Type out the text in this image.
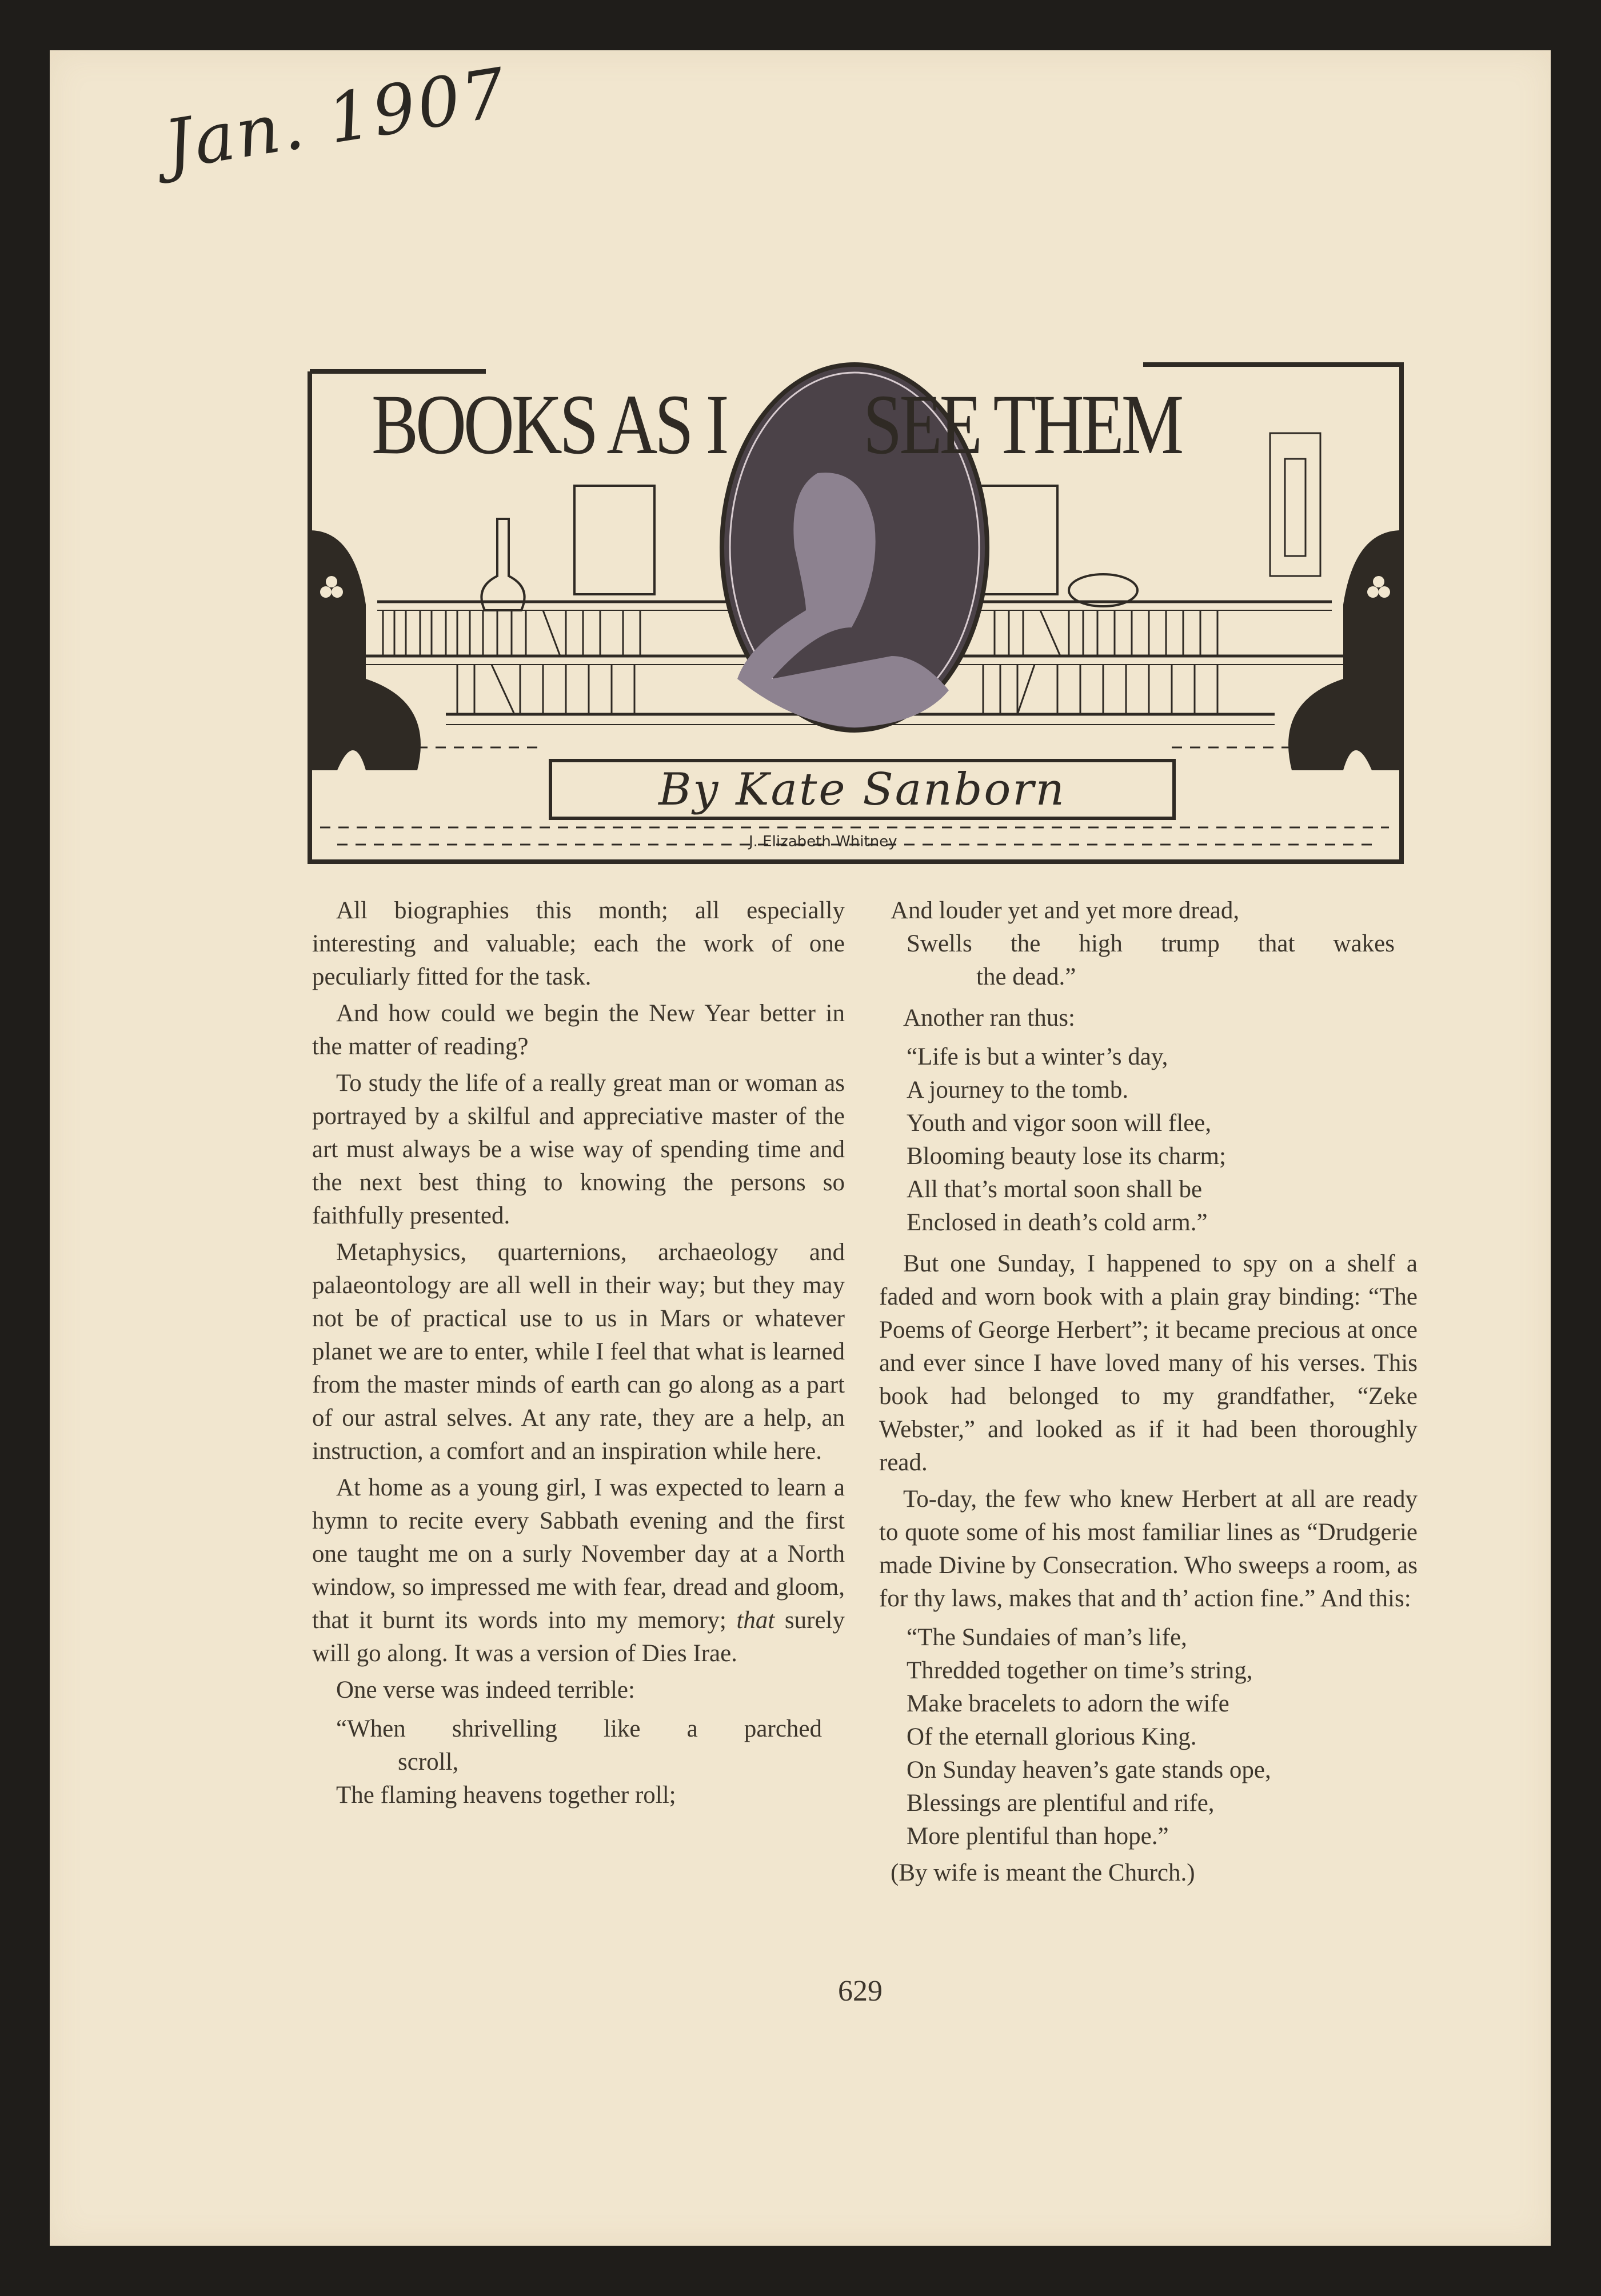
Jan. 1907
BOOKS AS I SEE THEM
By Kate Sanborn
J. Elizabeth Whitney

All biographies this month; all especially interesting and valuable; each the work of one peculiarly fitted for the task.

And how could we begin the New Year better in the matter of reading?

To study the life of a really great man or woman as portrayed by a skilful and appreciative master of the art must always be a wise way of spending time and the next best thing to knowing the persons so faithfully presented.

Metaphysics, quarternions, archaeology and palaeontology are all well in their way; but they may not be of practical use to us in Mars or whatever planet we are to enter, while I feel that what is learned from the master minds of earth can go along as a part of our astral selves. At any rate, they are a help, an instruction, a comfort and an inspiration while here.

At home as a young girl, I was expected to learn a hymn to recite every Sabbath evening and the first one taught me on a surly November day at a North window, so impressed me with fear, dread and gloom, that it burnt its words into my memory; that surely will go along. It was a version of Dies Irae.

One verse was indeed terrible:

“When shrivelling like a parched
scroll,
The flaming heavens together roll;
And louder yet and yet more dread,
Swells the high trump that wakes
the dead.”

Another ran thus:

“Life is but a winter’s day,
A journey to the tomb.
Youth and vigor soon will flee,
Blooming beauty lose its charm;
All that’s mortal soon shall be
Enclosed in death’s cold arm.”

But one Sunday, I happened to spy on a shelf a faded and worn book with a plain gray binding: “The Poems of George Herbert”; it became precious at once and ever since I have loved many of his verses. This book had belonged to my grandfather, “Zeke Webster,” and looked as if it had been thoroughly read.

To-day, the few who knew Herbert at all are ready to quote some of his most familiar lines as “Drudgerie made Divine by Consecration. Who sweeps a room, as for thy laws, makes that and th’ action fine.” And this:

“The Sundaies of man’s life,
Thredded together on time’s string,
Make bracelets to adorn the wife
Of the eternall glorious King.
On Sunday heaven’s gate stands ope,
Blessings are plentiful and rife,
More plentiful than hope.”
(By wife is meant the Church.)
629
